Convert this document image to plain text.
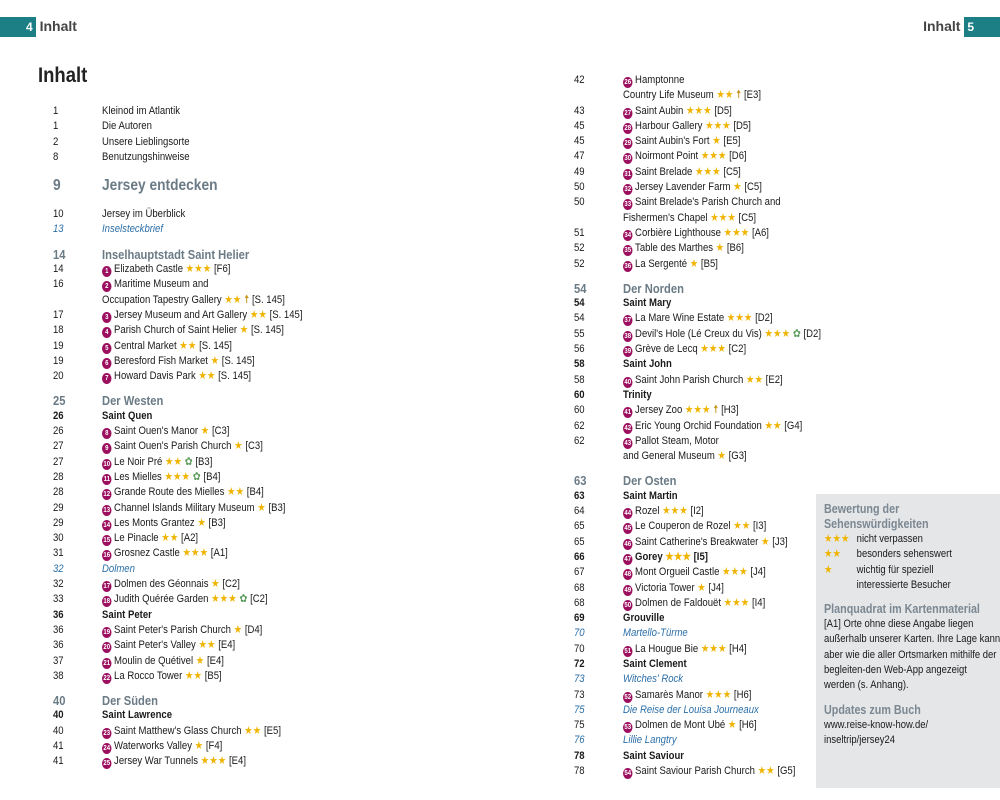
4 Inhalt	Inhalt 5
Inhalt
1	Kleinod im Atlantik
1	Die Autoren
2	Unsere Lieblingsorte
8	Benutzungshinweise
9	Jersey entdecken
10	Jersey im Überblick
13	Inselsteckbrief
14	Inselhauptstadt Saint Helier
14	1 Elizabeth Castle ★★★ [F6]
16	2 Maritime Museum and
Occupation Tapestry Gallery ★★ ☨ [S. 145]
17	3 Jersey Museum and Art Gallery ★★ [S. 145]
18	4 Parish Church of Saint Helier ★ [S. 145]
19	5 Central Market ★★ [S. 145]
19	6 Beresford Fish Market ★ [S. 145]
20	7 Howard Davis Park ★★ [S. 145]
25	Der Westen
26	Saint Quen
26	8 Saint Ouen's Manor ★ [C3]
27	9 Saint Ouen's Parish Church ★ [C3]
27	10 Le Noir Pré ★★ ✿ [B3]
28	11 Les Mielles ★★★ ✿ [B4]
28	12 Grande Route des Mielles ★★ [B4]
29	13 Channel Islands Military Museum ★ [B3]
29	14 Les Monts Grantez ★ [B3]
30	15 Le Pinacle ★★ [A2]
31	16 Grosnez Castle ★★★ [A1]
32	Dolmen
32	17 Dolmen des Géonnais ★ [C2]
33	18 Judith Quérée Garden ★★★ ✿ [C2]
36	Saint Peter
36	19 Saint Peter's Parish Church ★ [D4]
36	20 Saint Peter's Valley ★★ [E4]
37	21 Moulin de Quétivel ★ [E4]
38	22 La Rocco Tower ★★ [B5]
40	Der Süden
40	Saint Lawrence
40	23 Saint Matthew's Glass Church ★★ [E5]
41	24 Waterworks Valley ★ [F4]
41	25 Jersey War Tunnels ★★★ [E4]
42	26 Hamptonne
Country Life Museum ★★ ☨ [E3]
43	27 Saint Aubin ★★★ [D5]
45	28 Harbour Gallery ★★★ [D5]
45	29 Saint Aubin's Fort ★ [E5]
47	30 Noirmont Point ★★★ [D6]
49	31 Saint Brelade ★★★ [C5]
50	32 Jersey Lavender Farm ★ [C5]
50	33 Saint Brelade's Parish Church and
Fishermen's Chapel ★★★ [C5]
51	34 Corbière Lighthouse ★★★ [A6]
52	35 Table des Marthes ★ [B6]
52	36 La Sergenté ★ [B5]
54	Der Norden
54	Saint Mary
54	37 La Mare Wine Estate ★★★ [D2]
55	38 Devil's Hole (Lé Creux du Vis) ★★★ ✿ [D2]
56	39 Grève de Lecq ★★★ [C2]
58	Saint John
58	40 Saint John Parish Church ★★ [E2]
60	Trinity
60	41 Jersey Zoo ★★★ ☨ [H3]
62	42 Eric Young Orchid Foundation ★★ [G4]
62	43 Pallot Steam, Motor
and General Museum ★ [G3]
63	Der Osten
63	Saint Martin
64	44 Rozel ★★★ [I2]
65	45 Le Couperon de Rozel ★★ [I3]
65	46 Saint Catherine's Breakwater ★ [J3]
66	47 Gorey ★★★ [I5]
67	48 Mont Orgueil Castle ★★★ [J4]
68	49 Victoria Tower ★ [J4]
68	50 Dolmen de Faldouët ★★★ [I4]
69	Grouville
70	Martello-Türme
70	51 La Hougue Bie ★★★ [H4]
72	Saint Clement
73	Witches' Rock
73	52 Samarès Manor ★★★ [H6]
75	Die Reise der Louisa Journeaux
75	53 Dolmen de Mont Ubé ★ [H6]
76	Lillie Langtry
78	Saint Saviour
78	54 Saint Saviour Parish Church ★★ [G5]
Bewertung der Sehenswürdigkeiten
★★★ nicht verpassen
★★ besonders sehenswert
★ wichtig für speziell
interessierte Besucher
Planquadrat im Kartenmaterial
[A1] Orte ohne diese Angabe liegen außerhalb unserer Karten. Ihre Lage kann aber wie die aller Ortsmarken mithilfe der begleiten-den Web-App angezeigt werden (s. Anhang).
Updates zum Buch
www.reise-know-how.de/ inseltrip/jersey24
